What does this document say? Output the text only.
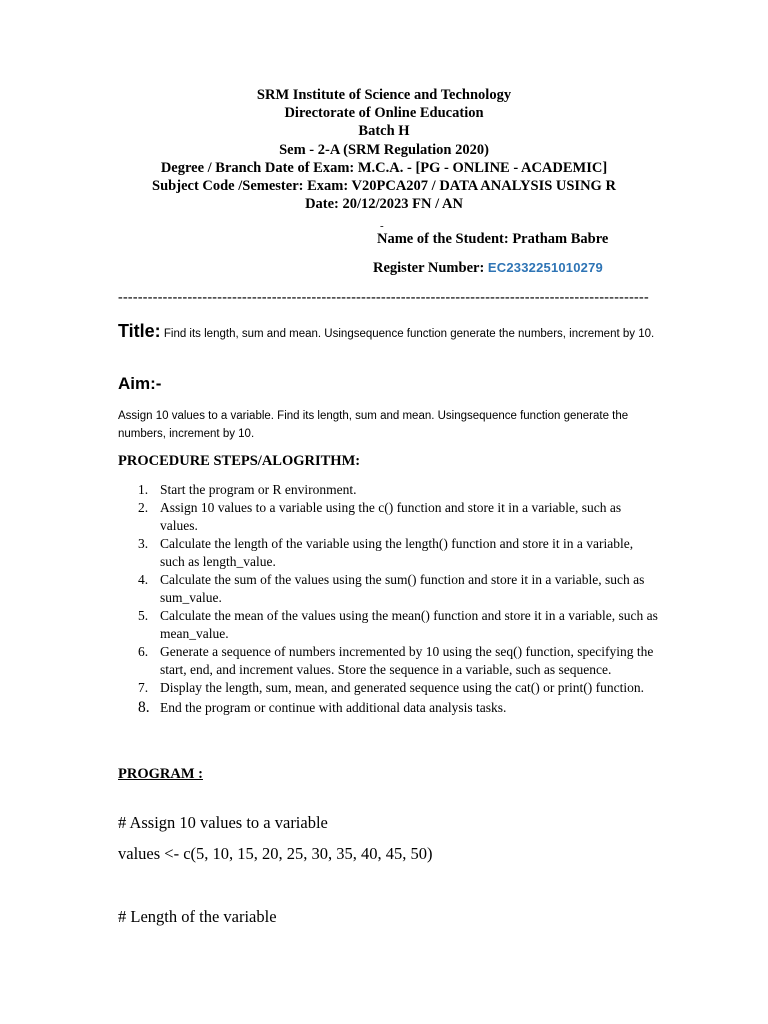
SRM Institute of Science and Technology
Directorate of Online Education
Batch H
Sem - 2-A (SRM Regulation 2020)
Degree / Branch Date of Exam: M.C.A. - [PG - ONLINE - ACADEMIC]
Subject Code /Semester: Exam: V20PCA207 / DATA ANALYSIS USING R
Date: 20/12/2023 FN / AN
-
Name of the Student: Pratham Babre
Register Number: EC2332251010279
-----------------------------------------------------------------------------------------------------------
Title: Find its length, sum and mean. Usingsequence function generate the numbers, increment by 10.
Aim:-
Assign 10 values to a variable. Find its length, sum and mean. Usingsequence function generate the numbers, increment by 10.
PROCEDURE STEPS/ALOGRITHM:
1. Start the program or R environment.
2. Assign 10 values to a variable using the c() function and store it in a variable, such as values.
3. Calculate the length of the variable using the length() function and store it in a variable, such as length_value.
4. Calculate the sum of the values using the sum() function and store it in a variable, such as sum_value.
5. Calculate the mean of the values using the mean() function and store it in a variable, such as mean_value.
6. Generate a sequence of numbers incremented by 10 using the seq() function, specifying the start, end, and increment values. Store the sequence in a variable, such as sequence.
7. Display the length, sum, mean, and generated sequence using the cat() or print() function.
8. End the program or continue with additional data analysis tasks.
PROGRAM :
# Assign 10 values to a variable
values <- c(5, 10, 15, 20, 25, 30, 35, 40, 45, 50)
# Length of the variable
